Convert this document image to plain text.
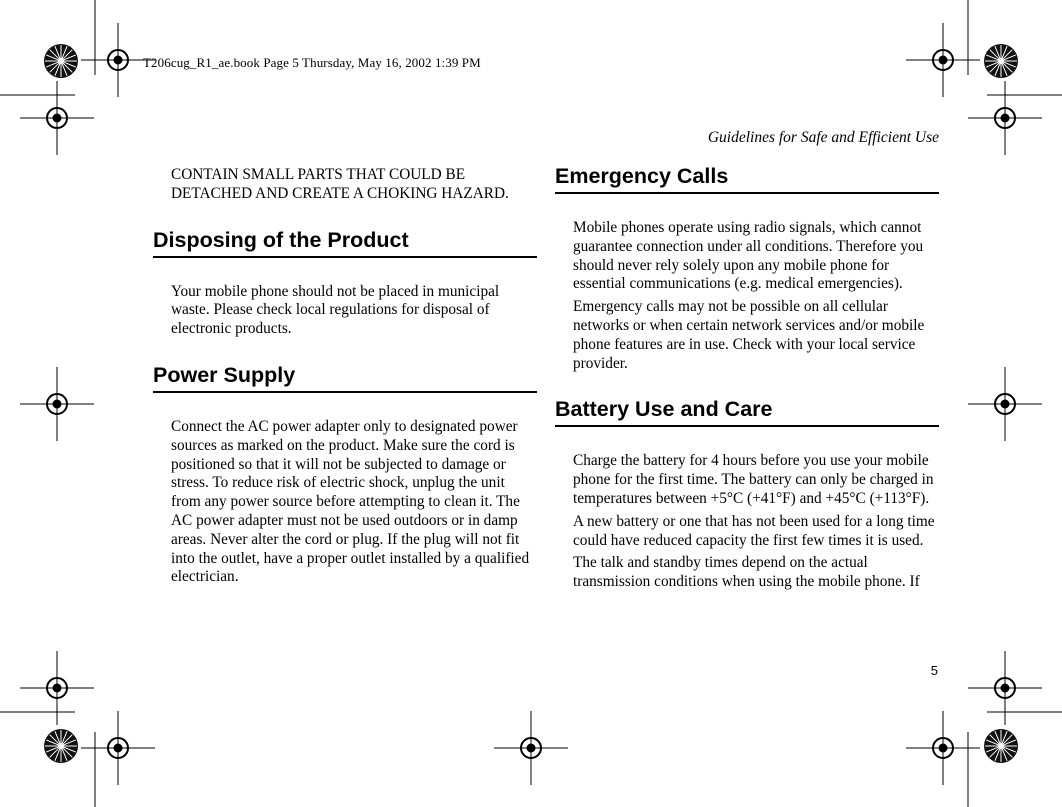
T206cug_R1_ae.book Page 5 Thursday, May 16, 2002 1:39 PM
Guidelines for Safe and Efficient Use

CONTAIN SMALL PARTS THAT COULD BE DETACHED AND CREATE A CHOKING HAZARD.

Disposing of the Product

Your mobile phone should not be placed in municipal waste. Please check local regulations for disposal of electronic products.

Power Supply

Connect the AC power adapter only to designated power sources as marked on the product. Make sure the cord is positioned so that it will not be subjected to damage or stress. To reduce risk of electric shock, unplug the unit from any power source before attempting to clean it. The AC power adapter must not be used outdoors or in damp areas. Never alter the cord or plug. If the plug will not fit into the outlet, have a proper outlet installed by a qualified electrician.

Emergency Calls

Mobile phones operate using radio signals, which cannot guarantee connection under all conditions. Therefore you should never rely solely upon any mobile phone for essential communications (e.g. medical emergencies).

Emergency calls may not be possible on all cellular networks or when certain network services and/or mobile phone features are in use. Check with your local service provider.

Battery Use and Care

Charge the battery for 4 hours before you use your mobile phone for the first time. The battery can only be charged in temperatures between +5°C (+41°F) and +45°C (+113°F).

A new battery or one that has not been used for a long time could have reduced capacity the first few times it is used.

The talk and standby times depend on the actual transmission conditions when using the mobile phone. If

5
